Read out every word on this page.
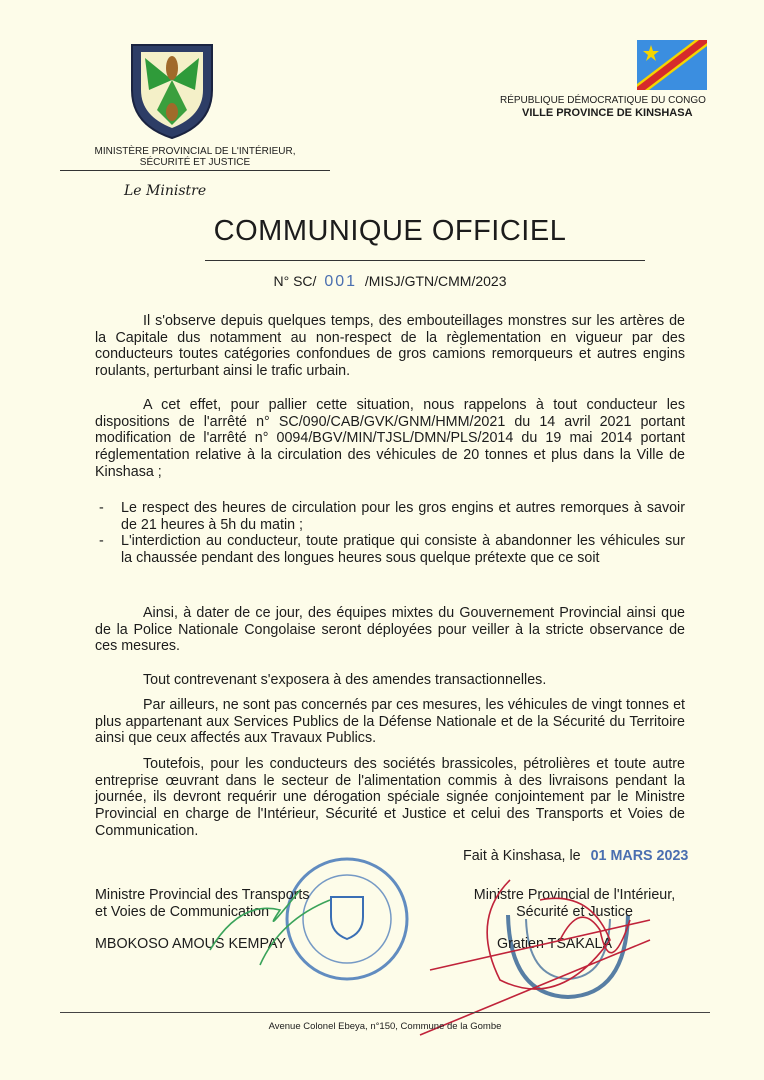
MINISTÈRE PROVINCIAL DE L'INTÉRIEUR,
SÉCURITÉ ET JUSTICE
Le Ministre
RÉPUBLIQUE DÉMOCRATIQUE DU CONGO
VILLE PROVINCE DE KINSHASA
COMMUNIQUE OFFICIEL
N° SC/ 001 /MISJ/GTN/CMM/2023
Il s'observe depuis quelques temps, des embouteillages monstres sur les artères de la Capitale dus notamment au non-respect de la règlementation en vigueur par des conducteurs toutes catégories confondues de gros camions remorqueurs et autres engins roulants, perturbant ainsi le trafic urbain.
A cet effet, pour pallier cette situation, nous rappelons à tout conducteur les dispositions de l'arrêté n° SC/090/CAB/GVK/GNM/HMM/2021 du 14 avril 2021 portant modification de l'arrêté n° 0094/BGV/MIN/TJSL/DMN/PLS/2014 du 19 mai 2014 portant réglementation relative à la circulation des véhicules de 20 tonnes et plus dans la Ville de Kinshasa ;
- Le respect des heures de circulation pour les gros engins et autres remorques à savoir de 21 heures à 5h du matin ;
- L'interdiction au conducteur, toute pratique qui consiste à abandonner les véhicules sur la chaussée pendant des longues heures sous quelque prétexte que ce soit
Ainsi, à dater de ce jour, des équipes mixtes du Gouvernement Provincial ainsi que de la Police Nationale Congolaise seront déployées pour veiller à la stricte observance de ces mesures.
Tout contrevenant s'exposera à des amendes transactionnelles.
Par ailleurs, ne sont pas concernés par ces mesures, les véhicules de vingt tonnes et plus appartenant aux Services Publics de la Défense Nationale et de la Sécurité du Territoire ainsi que ceux affectés aux Travaux Publics.
Toutefois, pour les conducteurs des sociétés brassicoles, pétrolières et toute autre entreprise œuvrant dans le secteur de l'alimentation commis à des livraisons pendant la journée, ils devront requérir une dérogation spéciale signée conjointement par le Ministre Provincial en charge de l'Intérieur, Sécurité et Justice et celui des Transports et Voies de Communication.
Fait à Kinshasa, le 01 MARS 2023
Ministre Provincial des Transports
et Voies de Communication
MBOKOSO AMOUS KEMPAY
Ministre Provincial de l'Intérieur,
Sécurité et Justice
Gratien TSAKALA
Avenue Colonel Ebeya, n°150, Commune de la Gombe
